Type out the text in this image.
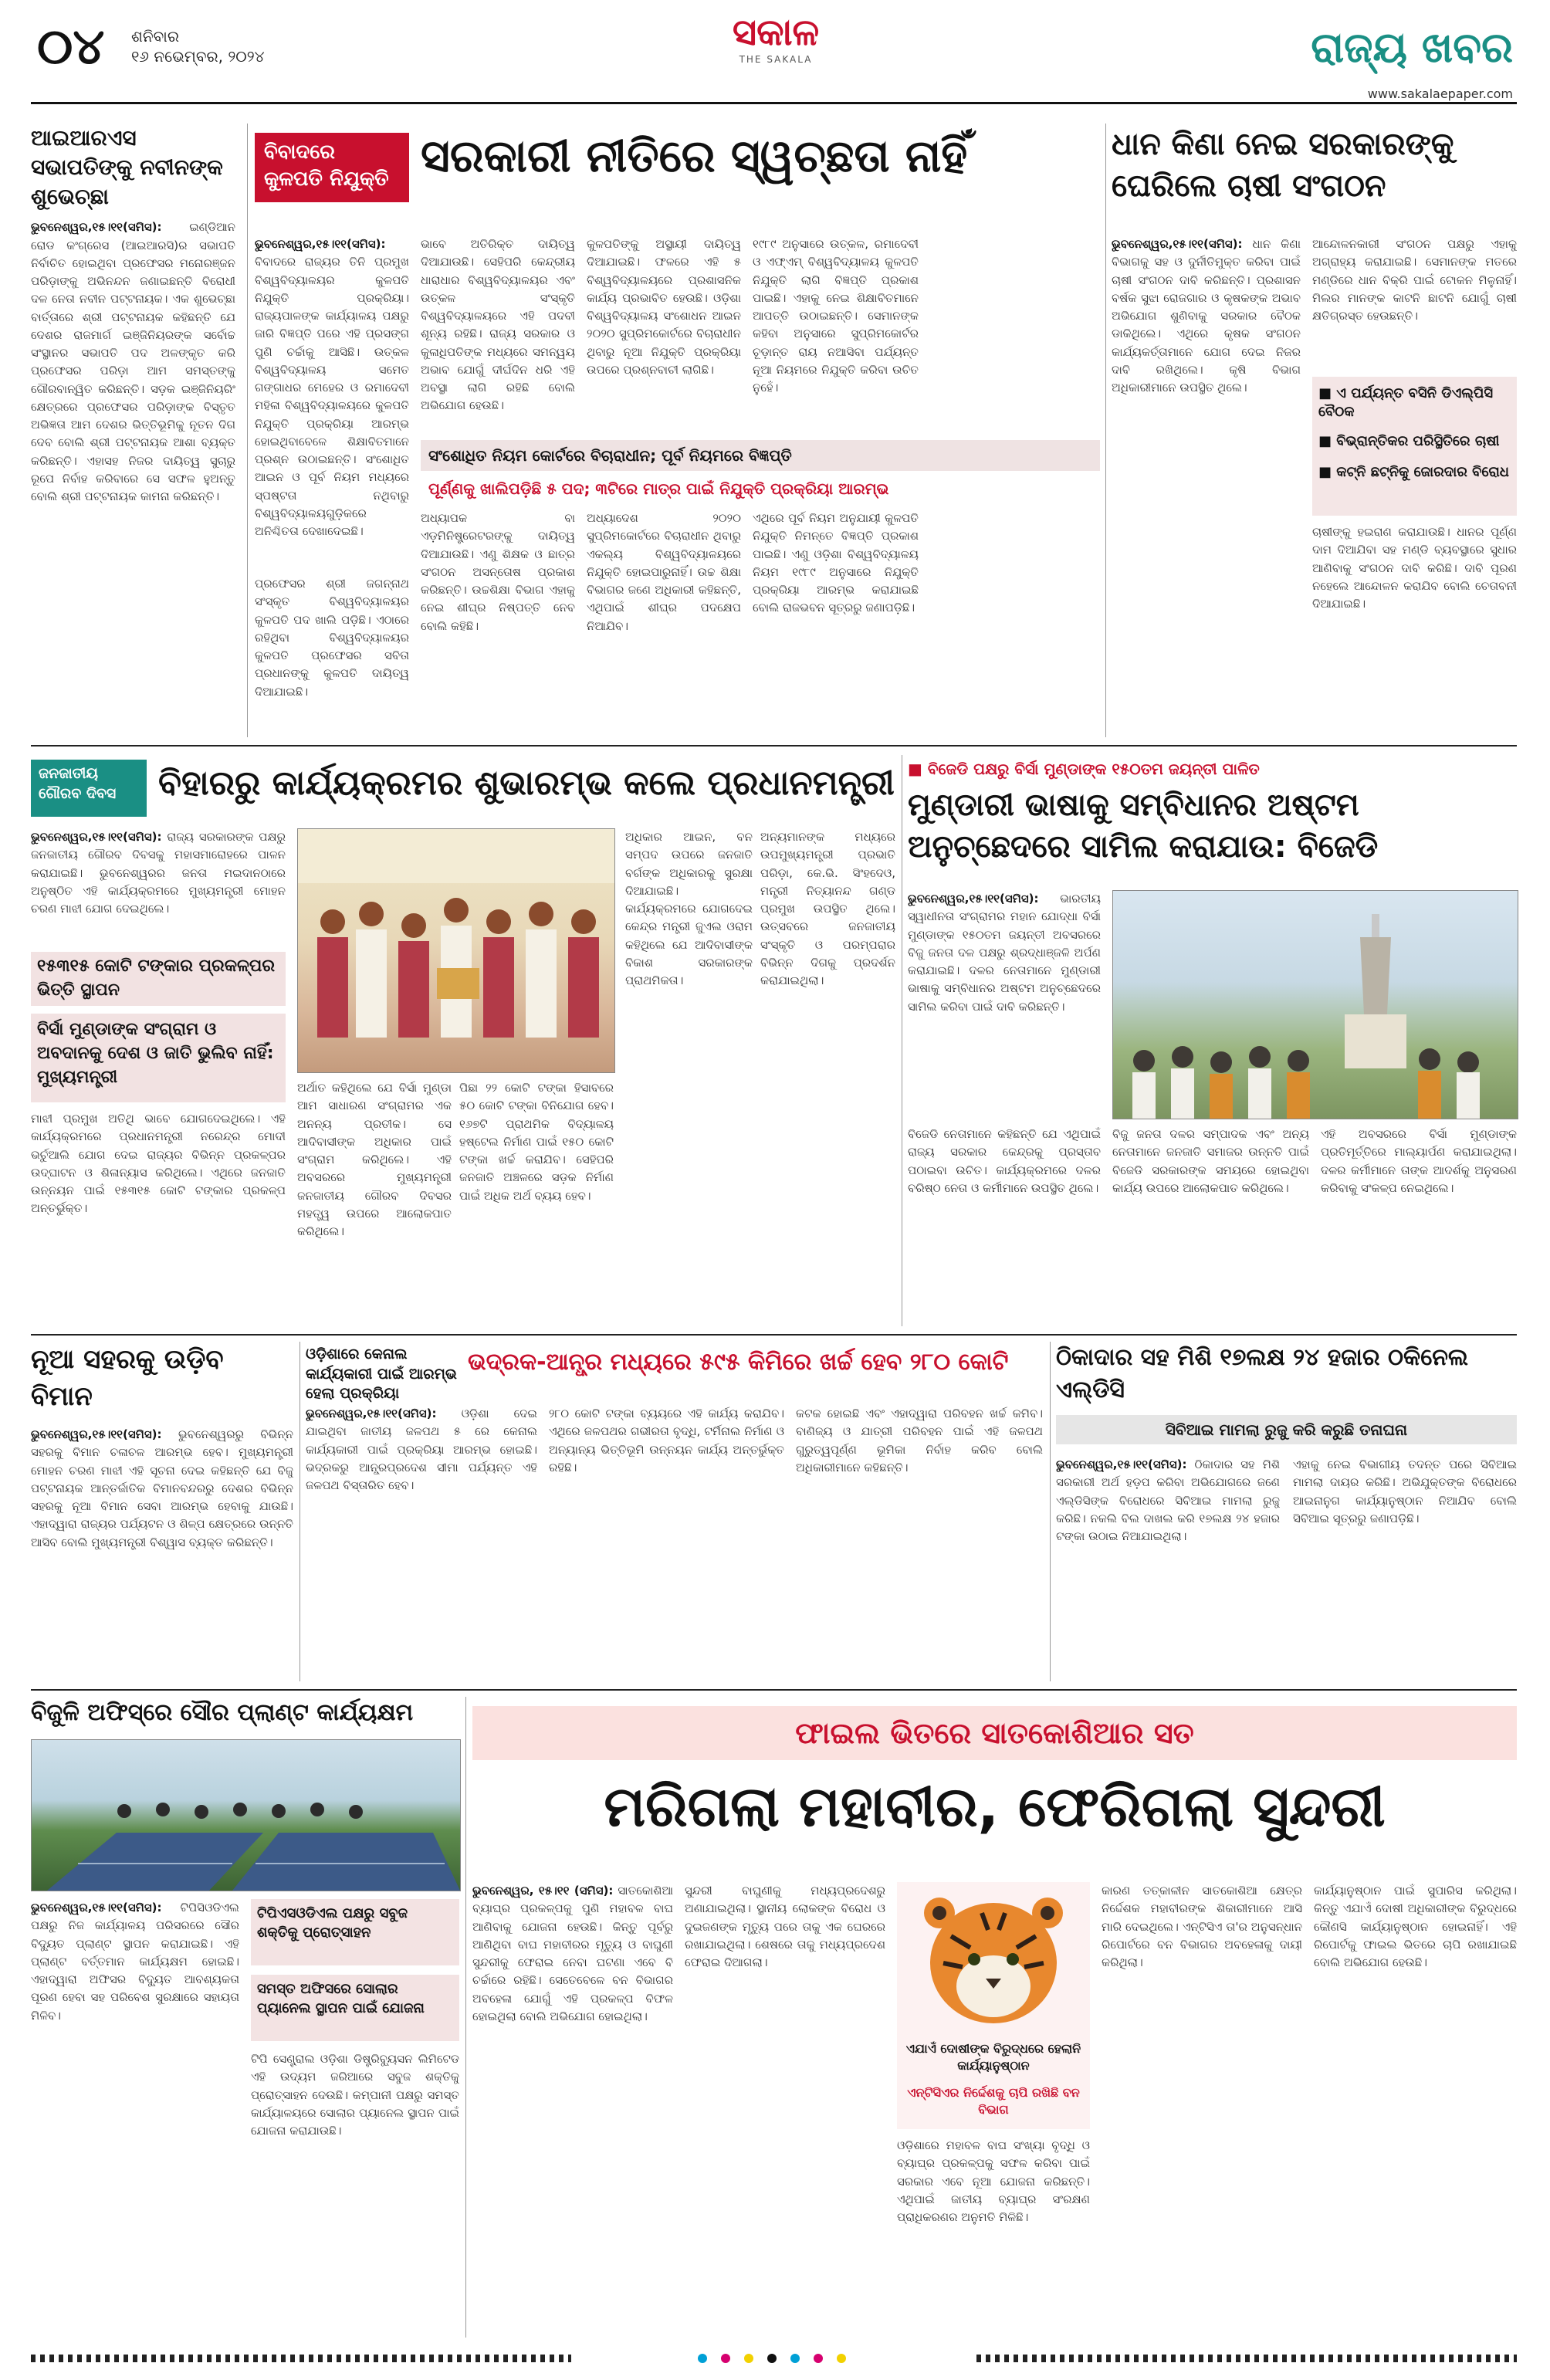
୦୪ ଶନିବାର
୧୬ ନଭେମ୍ବର, ୨୦୨୪
ସକାଳ
THE SAKALA	ରାଜ୍ୟ ଖବର
www.sakalaepaper.com
ଆଇଆରଏସ ସଭାପତିଙ୍କୁ ନବୀନଙ୍କ ଶୁଭେଚ୍ଛା
ଭୁବନେଶ୍ୱର,୧୫।୧୧(ସମିସ): ଇଣ୍ଡିଆନ ରୋଡ କଂଗ୍ରେସ (ଆଇଆରସି)ର ସଭାପତି ନିର୍ବାଚିତ ହୋଇଥିବା ପ୍ରଫେସର ମନୋରଞ୍ଜନ ପରିଡ଼ାଙ୍କୁ ଅଭିନନ୍ଦନ ଜଣାଇଛନ୍ତି ବିରୋଧୀ ଦଳ ନେତା ନବୀନ ପଟ୍ଟନାୟକ। ଏକ ଶୁଭେଚ୍ଛା ବାର୍ତ୍ତାରେ ଶ୍ରୀ ପଟ୍ଟନାୟକ କହିଛନ୍ତି ଯେ ଦେଶର ରାଜମାର୍ଗ ଇଞ୍ଜିନିୟରଙ୍କ ସର୍ବୋଚ୍ଚ ସଂସ୍ଥାନର ସଭାପତି ପଦ ଅଳଙ୍କୃତ କରି ପ୍ରଫେସର ପରିଡ଼ା ଆମ ସମସ୍ତଙ୍କୁ ଗୌରବାନ୍ୱିତ କରିଛନ୍ତି। ସଡ଼କ ଇଞ୍ଜିନିୟରିଂ କ୍ଷେତ୍ରରେ ପ୍ରଫେସର ପରିଡ଼ାଙ୍କ ବିସ୍ତୃତ ଅଭିଜ୍ଞତା ଆମ ଦେଶର ଭିତ୍ତିଭୂମିକୁ ନୂତନ ଦିଗ ଦେବ ବୋଲି ଶ୍ରୀ ପଟ୍ଟନାୟକ ଆଶା ବ୍ୟକ୍ତ କରିଛନ୍ତି। ଏହାସହ ନିଜର ଦାୟିତ୍ୱ ସୁଚାରୁ ରୂପେ ନିର୍ବାହ କରିବାରେ ସେ ସଫଳ ହୁଅନ୍ତୁ ବୋଲି ଶ୍ରୀ ପଟ୍ଟନାୟକ କାମନା କରିଛନ୍ତି।
ବିବାଦରେ କୁଳପତି ନିଯୁକ୍ତି ସରକାରୀ ନୀତିରେ ସ୍ୱଚ୍ଛତା ନାହିଁ
ଭୁବନେଶ୍ୱର,୧୫।୧୧(ସମିସ): ବିବାଦରେ ରାଜ୍ୟର ତିନି ପ୍ରମୁଖ ବିଶ୍ୱବିଦ୍ୟାଳୟର କୁଳପତି ନିଯୁକ୍ତି ପ୍ରକ୍ରିୟା। ରାଜ୍ୟପାଳଙ୍କ କାର୍ଯ୍ୟାଳୟ ପକ୍ଷରୁ ଜାରି ବିଜ୍ଞପ୍ତି ପରେ ଏହି ପ୍ରସଙ୍ଗ ପୁଣି ଚର୍ଚ୍ଚାକୁ ଆସିଛି। ଉତ୍କଳ ବିଶ୍ୱବିଦ୍ୟାଳୟ ସମେତ ଗଙ୍ଗାଧର ମେହେର ଓ ରମାଦେବୀ ମହିଳା ବିଶ୍ୱବିଦ୍ୟାଳୟରେ କୁଳପତି ନିଯୁକ୍ତି ପ୍ରକ୍ରିୟା ଆରମ୍ଭ ହୋଇଥିବାବେଳେ ଶିକ୍ଷାବିତମାନେ ପ୍ରଶ୍ନ ଉଠାଇଛନ୍ତି। ସଂଶୋଧିତ ଆଇନ ଓ ପୂର୍ବ ନିୟମ ମଧ୍ୟରେ ସ୍ପଷ୍ଟତା ନଥିବାରୁ ବିଶ୍ୱବିଦ୍ୟାଳୟଗୁଡ଼ିକରେ ଅନିଶ୍ଚିତତା ଦେଖାଦେଇଛି।
ଭାବେ ଅତିରିକ୍ତ ଦାୟିତ୍ୱ ଦିଆଯାଉଛି। ସେହିପରି କେନ୍ଦ୍ରୀୟ ଧାରାଧାର ବିଶ୍ୱବିଦ୍ୟାଳୟର ଏବଂ ଉତ୍କଳ ସଂସ୍କୃତି ବିଶ୍ୱବିଦ୍ୟାଳୟରେ ଏହି ପଦବୀ ଶୂନ୍ୟ ରହିଛି। ରାଜ୍ୟ ସରକାର ଓ କୁଳାଧିପତିଙ୍କ ମଧ୍ୟରେ ସମନ୍ୱୟ ଅଭାବ ଯୋଗୁଁ ଦୀର୍ଘଦିନ ଧରି ଏହି ଅବସ୍ଥା ଲାଗି ରହିଛି ବୋଲି ଅଭିଯୋଗ ହେଉଛି।
କୁଳପତିଙ୍କୁ ଅସ୍ଥାୟୀ ଦାୟିତ୍ୱ ଦିଆଯାଇଛି। ଫଳରେ ଏହି ୫ ବିଶ୍ୱବିଦ୍ୟାଳୟରେ ପ୍ରଶାସନିକ କାର୍ଯ୍ୟ ପ୍ରଭାବିତ ହେଉଛି। ଓଡ଼ିଶା ବିଶ୍ୱବିଦ୍ୟାଳୟ ସଂଶୋଧନ ଆଇନ ୨୦୨୦ ସୁପ୍ରିମକୋର୍ଟରେ ବିଚାରାଧୀନ ଥିବାରୁ ନୂଆ ନିଯୁକ୍ତି ପ୍ରକ୍ରିୟା ଉପରେ ପ୍ରଶ୍ନବାଚୀ ଲାଗିଛି।
୧୯୮୯ ଅନୁସାରେ ଉତ୍କଳ, ରମାଦେବୀ ଓ ଏଫ୍‌ଏମ୍ ବିଶ୍ୱବିଦ୍ୟାଳୟ କୁଳପତି ନିଯୁକ୍ତି ଲାଗି ବିଜ୍ଞପ୍ତି ପ୍ରକାଶ ପାଇଛି। ଏହାକୁ ନେଇ ଶିକ୍ଷାବିତମାନେ ଆପତ୍ତି ଉଠାଇଛନ୍ତି। ସେମାନଙ୍କ କହିବା ଅନୁସାରେ ସୁପ୍ରିମକୋର୍ଟର ଚୂଡ଼ାନ୍ତ ରାୟ ନଆସିବା ପର୍ଯ୍ୟନ୍ତ ନୂଆ ନିୟମରେ ନିଯୁକ୍ତି କରିବା ଉଚିତ ନୁହେଁ।
ସଂଶୋଧିତ ନିୟମ କୋର୍ଟରେ ବିଚାରାଧୀନ; ପୂର୍ବ ନିୟମରେ ବିଜ୍ଞପ୍ତି
ପୂର୍ଣ୍ଣକୁ ଖାଲିପଡ଼ିଛି ୫ ପଦ; ୩ଟିରେ ମାତ୍ର ପାଇଁ ନିଯୁକ୍ତି ପ୍ରକ୍ରିୟା ଆରମ୍ଭ
ପ୍ରଫେସର ଶ୍ରୀ ଜଗନ୍ନାଥ ସଂସ୍କୃତ ବିଶ୍ୱବିଦ୍ୟାଳୟର କୁଳପତି ପଦ ଖାଲି ପଡ଼ିଛି। ଏଠାରେ ରହିଥିବା ବିଶ୍ୱବିଦ୍ୟାଳୟର କୁଳପତି ପ୍ରଫେସର ସବିତା ପ୍ରଧାନଙ୍କୁ କୁଳପତି ଦାୟିତ୍ୱ ଦିଆଯାଇଛି।
ଅଧ୍ୟାପକ ବା ଏଡ଼ମିନିଷ୍ଟ୍ରେଟରଙ୍କୁ ଦାୟିତ୍ୱ ଦିଆଯାଉଛି। ଏଣୁ ଶିକ୍ଷକ ଓ ଛାତ୍ର ସଂଗଠନ ଅସନ୍ତୋଷ ପ୍ରକାଶ କରିଛନ୍ତି। ଉଚ୍ଚଶିକ୍ଷା ବିଭାଗ ଏହାକୁ ନେଇ ଶୀଘ୍ର ନିଷ୍ପତ୍ତି ନେବ ବୋଲି କହିଛି।
ଅଧ୍ୟାଦେଶ ୨୦୨୦ ସୁପ୍ରିମକୋର୍ଟରେ ବିଚାରାଧୀନ ଥିବାରୁ ଏକଲ୍ୟ ବିଶ୍ୱବିଦ୍ୟାଳୟରେ ନିଯୁକ୍ତି ହୋଇପାରୁନାହିଁ। ଉଚ୍ଚ ଶିକ୍ଷା ବିଭାଗର ଜଣେ ଅଧିକାରୀ କହିଛନ୍ତି, ଏଥିପାଇଁ ଶୀଘ୍ର ପଦକ୍ଷେପ ନିଆଯିବ।
ଏଥିରେ ପୂର୍ବ ନିୟମ ଅନୁଯାୟୀ କୁଳପତି ନିଯୁକ୍ତି ନିମନ୍ତେ ବିଜ୍ଞପ୍ତି ପ୍ରକାଶ ପାଇଛି। ଏଣୁ ଓଡ଼ିଶା ବିଶ୍ୱବିଦ୍ୟାଳୟ ନିୟମ ୧୯୮୯ ଅନୁସାରେ ନିଯୁକ୍ତି ପ୍ରକ୍ରିୟା ଆରମ୍ଭ କରାଯାଇଛି ବୋଲି ରାଜଭବନ ସୂତ୍ରରୁ ଜଣାପଡ଼ିଛି।
ଧାନ କିଣା ନେଇ ସରକାରଙ୍କୁ ଘେରିଲେ ଚାଷୀ ସଂଗଠନ
ଭୁବନେଶ୍ୱର,୧୫।୧୧(ସମିସ): ଧାନ କିଣା ବିଭାଗକୁ ସହ ଓ ଦୁର୍ନୀତିମୁକ୍ତ କରିବା ପାଇଁ ଚାଷୀ ସଂଗଠନ ଦାବି କରିଛନ୍ତି। ପ୍ରଶାସନ ବର୍ଷକ ସୁଝା ରୋଜଗାର ଓ କୃଷକଙ୍କ ଅଭାବ ଅଭିଯୋଗ ଶୁଣିବାକୁ ସରକାର ବୈଠକ ଡାକିଥିଲେ। ଏଥିରେ କୃଷକ ସଂଗଠନ କାର୍ଯ୍ୟକର୍ତ୍ତାମାନେ ଯୋଗ ଦେଇ ନିଜର ଦାବି ରଖିଥିଲେ। କୃଷି ବିଭାଗ ଅଧିକାରୀମାନେ ଉପସ୍ଥିତ ଥିଲେ।
ଆନ୍ଦୋଳନକାରୀ ସଂଗଠନ ପକ୍ଷରୁ ଏହାକୁ ଅଗ୍ରାହ୍ୟ କରାଯାଇଛି। ସେମାନଙ୍କ ମତରେ ମଣ୍ଡିରେ ଧାନ ବିକ୍ରି ପାଇଁ ଟୋକନ ମିଳୁନାହିଁ। ମିଲର ମାନଙ୍କ କାଟନି ଛାଟନି ଯୋଗୁଁ ଚାଷୀ କ୍ଷତିଗ୍ରସ୍ତ ହେଉଛନ୍ତି।
■ ଏ ପର୍ଯ୍ୟନ୍ତ ବସିନି ଡିଏଲ୍‌ପିସି ବୈଠକ
■ ବିଭ୍ରାନ୍ତିକର ପରିସ୍ଥିତିରେ ଚାଷୀ
■ କଟ୍‌ନି ଛଟ୍‌ନିକୁ ଜୋରଦାର ବିରୋଧ
ଚାଷୀଙ୍କୁ ହଇରାଣ କରାଯାଉଛି। ଧାନର ପୂର୍ଣ୍ଣ ଦାମ ଦିଆଯିବା ସହ ମଣ୍ଡି ବ୍ୟବସ୍ଥାରେ ସୁଧାର ଆଣିବାକୁ ସଂଗଠନ ଦାବି କରିଛି। ଦାବି ପୂରଣ ନହେଲେ ଆନ୍ଦୋଳନ କରାଯିବ ବୋଲି ଚେତାବନୀ ଦିଆଯାଇଛି।
ଜନଜାତୀୟ
ଗୌରବ ଦିବସ	ବିହାରରୁ କାର୍ଯ୍ୟକ୍ରମର ଶୁଭାରମ୍ଭ କଲେ ପ୍ରଧାନମନ୍ତ୍ରୀ
ଭୁବନେଶ୍ୱର,୧୫।୧୧(ସମିସ): ରାଜ୍ୟ ସରକାରଙ୍କ ପକ୍ଷରୁ ଜନଜାତୀୟ ଗୌରବ ଦିବସକୁ ମହାସମାରୋହରେ ପାଳନ କରାଯାଇଛି। ଭୁବନେଶ୍ୱରର ଜନତା ମଇଦାନଠାରେ ଅନୁଷ୍ଠିତ ଏହି କାର୍ଯ୍ୟକ୍ରମରେ ମୁଖ୍ୟମନ୍ତ୍ରୀ ମୋହନ ଚରଣ ମାଝୀ ଯୋଗ ଦେଇଥିଲେ।
୧୫୩୧୫ କୋଟି ଟଙ୍କାର ପ୍ରକଳ୍ପର ଭିତ୍ତି ସ୍ଥାପନ
ବିର୍ସା ମୁଣ୍ଡାଙ୍କ ସଂଗ୍ରାମ ଓ ଅବଦାନକୁ ଦେଶ ଓ ଜାତି ଭୁଲିବ ନାହିଁ: ମୁଖ୍ୟମନ୍ତ୍ରୀ
ମାଝୀ ପ୍ରମୁଖ ଅତିଥି ଭାବେ ଯୋଗଦେଇଥିଲେ। ଏହି କାର୍ଯ୍ୟକ୍ରମରେ ପ୍ରଧାନମନ୍ତ୍ରୀ ନରେନ୍ଦ୍ର ମୋଦୀ ଭର୍ଚୁଆଲି ଯୋଗ ଦେଇ ରାଜ୍ୟର ବିଭିନ୍ନ ପ୍ରକଳ୍ପର ଉଦ୍‌ଘାଟନ ଓ ଶିଳାନ୍ୟାସ କରିଥିଲେ। ଏଥିରେ ଜନଜାତି ଉନ୍ନୟନ ପାଇଁ ୧୫୩୧୫ କୋଟି ଟଙ୍କାର ପ୍ରକଳ୍ପ ଅନ୍ତର୍ଭୁକ୍ତ।
ଅର୍ଥାତ କହିଥିଲେ ଯେ ବିର୍ସା ମୁଣ୍ଡା ଆମ ସାଧାରଣ ସଂଗ୍ରାମର ଏକ ଅନନ୍ୟ ପ୍ରତୀକ। ସେ ଆଦିବାସୀଙ୍କ ଅଧିକାର ପାଇଁ ସଂଗ୍ରାମ କରିଥିଲେ। ଏହି ଅବସରରେ ମୁଖ୍ୟମନ୍ତ୍ରୀ ଜନଜାତୀୟ ଗୌରବ ଦିବସର ମହତ୍ତ୍ୱ ଉପରେ ଆଲୋକପାତ କରିଥିଲେ।
ପିଛା ୨୨ କୋଟି ଟଙ୍କା ହିସାବରେ ୫୦ କୋଟି ଟଙ୍କା ବିନିଯୋଗ ହେବ। ୧୬୭ଟି ପ୍ରାଥମିକ ବିଦ୍ୟାଳୟ ହଷ୍ଟେଲ ନିର୍ମାଣ ପାଇଁ ୧୫୦ କୋଟି ଟଙ୍କା ଖର୍ଚ୍ଚ କରାଯିବ। ସେହିପରି ଜନଜାତି ଅଞ୍ଚଳରେ ସଡ଼କ ନିର୍ମାଣ ପାଇଁ ଅଧିକ ଅର୍ଥ ବ୍ୟୟ ହେବ।
ଅଧିକାର ଆଇନ, ବନ ସମ୍ପଦ ଉପରେ ଜନଜାତି ବର୍ଗଙ୍କ ଅଧିକାରକୁ ସୁରକ୍ଷା ଦିଆଯାଇଛି। କାର୍ଯ୍ୟକ୍ରମରେ ଯୋଗଦେଇ କେନ୍ଦ୍ର ମନ୍ତ୍ରୀ ଜୁଏଲ ଓରାମ କହିଥିଲେ ଯେ ଆଦିବାସୀଙ୍କ ବିକାଶ ସରକାରଙ୍କ ପ୍ରାଥମିକତା।
ଅନ୍ୟମାନଙ୍କ ମଧ୍ୟରେ ଉପମୁଖ୍ୟମନ୍ତ୍ରୀ ପ୍ରଭାତି ପରିଡ଼ା, କେ.ଭି. ସିଂହଦେଓ, ମନ୍ତ୍ରୀ ନିତ୍ୟାନନ୍ଦ ଗଣ୍ଡ ପ୍ରମୁଖ ଉପସ୍ଥିତ ଥିଲେ। ଉତ୍ସବରେ ଜନଜାତୀୟ ସଂସ୍କୃତି ଓ ପରମ୍ପରାର ବିଭିନ୍ନ ଦିଗକୁ ପ୍ରଦର୍ଶନ କରାଯାଇଥିଲା।
■ ବିଜେଡି ପକ୍ଷରୁ ବିର୍ସା ମୁଣ୍ଡାଙ୍କ ୧୫୦ତମ ଜୟନ୍ତୀ ପାଳିତ
ମୁଣ୍ଡାରୀ ଭାଷାକୁ ସମ୍ବିଧାନର ଅଷ୍ଟମ ଅନୁଚ୍ଛେଦରେ ସାମିଲ କରାଯାଉ: ବିଜେଡି
ଭୁବନେଶ୍ୱର,୧୫।୧୧(ସମିସ): ଭାରତୀୟ ସ୍ୱାଧୀନତା ସଂଗ୍ରାମର ମହାନ ଯୋଦ୍ଧା ବିର୍ସା ମୁଣ୍ଡାଙ୍କ ୧୫୦ତମ ଜୟନ୍ତୀ ଅବସରରେ ବିଜୁ ଜନତା ଦଳ ପକ୍ଷରୁ ଶ୍ରଦ୍ଧାଞ୍ଜଳି ଅର୍ପଣ କରାଯାଇଛି। ଦଳର ନେତାମାନେ ମୁଣ୍ଡାରୀ ଭାଷାକୁ ସମ୍ବିଧାନର ଅଷ୍ଟମ ଅନୁଚ୍ଛେଦରେ ସାମିଲ କରିବା ପାଇଁ ଦାବି କରିଛନ୍ତି।
ବିଜେଡି ନେତାମାନେ କହିଛନ୍ତି ଯେ ଏଥିପାଇଁ ରାଜ୍ୟ ସରକାର କେନ୍ଦ୍ରକୁ ପ୍ରସ୍ତାବ ପଠାଇବା ଉଚିତ। କାର୍ଯ୍ୟକ୍ରମରେ ଦଳର ବରିଷ୍ଠ ନେତା ଓ କର୍ମୀମାନେ ଉପସ୍ଥିତ ଥିଲେ।
ବିଜୁ ଜନତା ଦଳର ସମ୍ପାଦକ ଏବଂ ଅନ୍ୟ ନେତାମାନେ ଜନଜାତି ସମାଜର ଉନ୍ନତି ପାଇଁ ବିଜେଡି ସରକାରଙ୍କ ସମୟରେ ହୋଇଥିବା କାର୍ଯ୍ୟ ଉପରେ ଆଲୋକପାତ କରିଥିଲେ।
ଏହି ଅବସରରେ ବିର୍ସା ମୁଣ୍ଡାଙ୍କ ପ୍ରତିମୂର୍ତ୍ତିରେ ମାଲ୍ୟାର୍ପଣ କରାଯାଇଥିଲା। ଦଳର କର୍ମୀମାନେ ତାଙ୍କ ଆଦର୍ଶକୁ ଅନୁସରଣ କରିବାକୁ ସଂକଳ୍ପ ନେଇଥିଲେ।
ନୂଆ ସହରକୁ ଉଡ଼ିବ ବିମାନ
ଭୁବନେଶ୍ୱର,୧୫।୧୧(ସମିସ): ଭୁବନେଶ୍ୱରରୁ ବିଭିନ୍ନ ସହରକୁ ବିମାନ ଚଳାଚଳ ଆରମ୍ଭ ହେବ। ମୁଖ୍ୟମନ୍ତ୍ରୀ ମୋହନ ଚରଣ ମାଝୀ ଏହି ସୂଚନା ଦେଇ କହିଛନ୍ତି ଯେ ବିଜୁ ପଟ୍ଟନାୟକ ଆନ୍ତର୍ଜାତିକ ବିମାନବନ୍ଦରରୁ ଦେଶର ବିଭିନ୍ନ ସହରକୁ ନୂଆ ବିମାନ ସେବା ଆରମ୍ଭ ହେବାକୁ ଯାଉଛି। ଏହାଦ୍ୱାରା ରାଜ୍ୟର ପର୍ଯ୍ୟଟନ ଓ ଶିଳ୍ପ କ୍ଷେତ୍ରରେ ଉନ୍ନତି ଆସିବ ବୋଲି ମୁଖ୍ୟମନ୍ତ୍ରୀ ବିଶ୍ୱାସ ବ୍ୟକ୍ତ କରିଛନ୍ତି।
ଓଡ଼ିଶାରେ କେନାଲ କାର୍ଯ୍ୟକାରୀ ପାଇଁ ଆରମ୍ଭ ହେଲା ପ୍ରକ୍ରିୟା
ଭଦ୍ରକ-ଆନ୍ଧ୍ର ମଧ୍ୟରେ ୫୯୫ କିମିରେ ଖର୍ଚ୍ଚ ହେବ ୨୮୦ କୋଟି
ଭୁବନେଶ୍ୱର,୧୫।୧୧(ସମିସ): ଓଡ଼ିଶା ଦେଇ ଯାଇଥିବା ଜାତୀୟ ଜଳପଥ ୫ ରେ କେନାଲ କାର୍ଯ୍ୟକାରୀ ପାଇଁ ପ୍ରକ୍ରିୟା ଆରମ୍ଭ ହୋଇଛି। ଭଦ୍ରକରୁ ଆନ୍ଧ୍ରପ୍ରଦେଶ ସୀମା ପର୍ଯ୍ୟନ୍ତ ଏହି ଜଳପଥ ବିସ୍ତାରିତ ହେବ।
୨୮୦ କୋଟି ଟଙ୍କା ବ୍ୟୟରେ ଏହି କାର୍ଯ୍ୟ କରାଯିବ। ଏଥିରେ ଜଳପଥର ଗଭୀରତା ବୃଦ୍ଧି, ଟର୍ମିନାଲ ନିର୍ମାଣ ଓ ଅନ୍ୟାନ୍ୟ ଭିତ୍ତିଭୂମି ଉନ୍ନୟନ କାର୍ଯ୍ୟ ଅନ୍ତର୍ଭୁକ୍ତ ରହିଛି।
କଟକ ହୋଇଛି ଏବଂ ଏହାଦ୍ୱାରା ପରିବହନ ଖର୍ଚ୍ଚ କମିବ। ବାଣିଜ୍ୟ ଓ ଯାତ୍ରୀ ପରିବହନ ପାଇଁ ଏହି ଜଳପଥ ଗୁରୁତ୍ୱପୂର୍ଣ୍ଣ ଭୂମିକା ନିର୍ବାହ କରିବ ବୋଲି ଅଧିକାରୀମାନେ କହିଛନ୍ତି।
ଠିକାଦାର ସହ ମିଶି ୧୭ଲକ୍ଷ ୨୪ ହଜାର ଠକିନେଲ ଏଲ୍‌ଡିସି
ସିବିଆଇ ମାମଲା ରୁଜୁ କରି କରୁଛି ତନାଘନା
ଭୁବନେଶ୍ୱର,୧୫।୧୧(ସମିସ): ଠିକାଦାର ସହ ମିଶି ସରକାରୀ ଅର୍ଥ ହଡ଼ପ କରିବା ଅଭିଯୋଗରେ ଜଣେ ଏଲ୍‌ଡିସିଙ୍କ ବିରୋଧରେ ସିବିଆଇ ମାମଲା ରୁଜୁ କରିଛି। ନକଲି ବିଲ ଦାଖଲ କରି ୧୭ଲକ୍ଷ ୨୪ ହଜାର ଟଙ୍କା ଉଠାଇ ନିଆଯାଇଥିଲା।
ଏହାକୁ ନେଇ ବିଭାଗୀୟ ତଦନ୍ତ ପରେ ସିବିଆଇ ମାମଲା ଦାୟର କରିଛି। ଅଭିଯୁକ୍ତଙ୍କ ବିରୋଧରେ ଆଇନାନୁଗ କାର୍ଯ୍ୟାନୁଷ୍ଠାନ ନିଆଯିବ ବୋଲି ସିବିଆଇ ସୂତ୍ରରୁ ଜଣାପଡ଼ିଛି।
ବିଜୁଳି ଅଫିସ୍‌ରେ ସୌର ପ୍ଲାଣ୍ଟ କାର୍ଯ୍ୟକ୍ଷମ
ଭୁବନେଶ୍ୱର,୧୫।୧୧(ସମିସ): ଟିପିସିଓଡିଏଲ ପକ୍ଷରୁ ନିଜ କାର୍ଯ୍ୟାଳୟ ପରିସରରେ ସୌର ବିଦ୍ୟୁତ ପ୍ଲାଣ୍ଟ ସ୍ଥାପନ କରାଯାଇଛି। ଏହି ପ୍ଲାଣ୍ଟ ବର୍ତ୍ତମାନ କାର୍ଯ୍ୟକ୍ଷମ ହୋଇଛି। ଏହାଦ୍ୱାରା ଅଫିସର ବିଦ୍ୟୁତ ଆବଶ୍ୟକତା ପୂରଣ ହେବା ସହ ପରିବେଶ ସୁରକ୍ଷାରେ ସହାୟତା ମିଳିବ।
ଟିପିଏସଓଡିଏଲ ପକ୍ଷରୁ ସବୁଜ ଶକ୍ତିକୁ ପ୍ରୋତ୍ସାହନ
ସମସ୍ତ ଅଫିସରେ ସୋଲାର ପ୍ୟାନେଲ ସ୍ଥାପନ ପାଇଁ ଯୋଜନା
ଟିପି ସେଣ୍ଟ୍ରାଲ ଓଡ଼ିଶା ଡିଷ୍ଟ୍ରିବ୍ୟୁସନ ଲିମିଟେଡ ଏହି ଉଦ୍ୟମ ଜରିଆରେ ସବୁଜ ଶକ୍ତିକୁ ପ୍ରୋତ୍ସାହନ ଦେଉଛି। କମ୍ପାନୀ ପକ୍ଷରୁ ସମସ୍ତ କାର୍ଯ୍ୟାଳୟରେ ସୋଲାର ପ୍ୟାନେଲ ସ୍ଥାପନ ପାଇଁ ଯୋଜନା କରାଯାଉଛି।
ଫାଇଲ ଭିତରେ ସାତକୋଶିଆର ସତ
ମରିଗଲା ମହାବୀର, ଫେରିଗଲା ସୁନ୍ଦରୀ
ଭୁବନେଶ୍ୱର, ୧୫।୧୧ (ସମିସ): ସାତକୋଶିଆ ବ୍ୟାଘ୍ର ପ୍ରକଳ୍ପକୁ ପୁଣି ମହାବଳ ବାଘ ଆଣିବାକୁ ଯୋଜନା ହେଉଛି। କିନ୍ତୁ ପୂର୍ବରୁ ଆଣିଥିବା ବାଘ ମହାବୀରର ମୃତ୍ୟୁ ଓ ବାଘୁଣୀ ସୁନ୍ଦରୀକୁ ଫେରାଇ ନେବା ଘଟଣା ଏବେ ବି ଚର୍ଚ୍ଚାରେ ରହିଛି। ସେତେବେଳେ ବନ ବିଭାଗର ଅବହେଳା ଯୋଗୁଁ ଏହି ପ୍ରକଳ୍ପ ବିଫଳ ହୋଇଥିଲା ବୋଲି ଅଭିଯୋଗ ହୋଇଥିଲା।
ସୁନ୍ଦରୀ ବାଘୁଣୀକୁ ମଧ୍ୟପ୍ରଦେଶରୁ ଅଣାଯାଇଥିଲା। ସ୍ଥାନୀୟ ଲୋକଙ୍କ ବିରୋଧ ଓ ଦୁଇଜଣଙ୍କ ମୃତ୍ୟୁ ପରେ ତାକୁ ଏକ ଘେରରେ ରଖାଯାଇଥିଲା। ଶେଷରେ ତାକୁ ମଧ୍ୟପ୍ରଦେଶ ଫେରାଇ ଦିଆଗଲା।
ଏଯାଏଁ ଦୋଷୀଙ୍କ ବିରୁଦ୍ଧରେ ହେଲାନି କାର୍ଯ୍ୟାନୁଷ୍ଠାନ
ଏନ୍‌ଟିସିଏର ନିର୍ଦ୍ଦେଶକୁ ଚାପି ରଖିଛି ବନ ବିଭାଗ
ଓଡ଼ିଶାରେ ମହାବଳ ବାଘ ସଂଖ୍ୟା ବୃଦ୍ଧି ଓ ବ୍ୟାଘ୍ର ପ୍ରକଳ୍ପକୁ ସଫଳ କରିବା ପାଇଁ ସରକାର ଏବେ ନୂଆ ଯୋଜନା କରିଛନ୍ତି। ଏଥିପାଇଁ ଜାତୀୟ ବ୍ୟାଘ୍ର ସଂରକ୍ଷଣ ପ୍ରାଧିକରଣର ଅନୁମତି ମିଳିଛି।
କାରଣ ତତ୍କାଳୀନ ସାତକୋଶିଆ କ୍ଷେତ୍ର ନିର୍ଦ୍ଦେଶକ ମହାବୀରଙ୍କ ଶିକାରୀମାନେ ଆସି ମାରି ଦେଇଥିଲେ। ଏନ୍‌ଟିସିଏ ତା'ର ଅନୁସନ୍ଧାନ ରିପୋର୍ଟରେ ବନ ବିଭାଗର ଅବହେଳାକୁ ଦାୟୀ କରିଥିଲା।
କାର୍ଯ୍ୟାନୁଷ୍ଠାନ ପାଇଁ ସୁପାରିସ କରିଥିଲା। କିନ୍ତୁ ଏଯାଏଁ ଦୋଷୀ ଅଧିକାରୀଙ୍କ ବିରୁଦ୍ଧରେ କୌଣସି କାର୍ଯ୍ୟାନୁଷ୍ଠାନ ହୋଇନାହିଁ। ଏହି ରିପୋର୍ଟକୁ ଫାଇଲ ଭିତରେ ଚାପି ରଖାଯାଇଛି ବୋଲି ଅଭିଯୋଗ ହେଉଛି।
